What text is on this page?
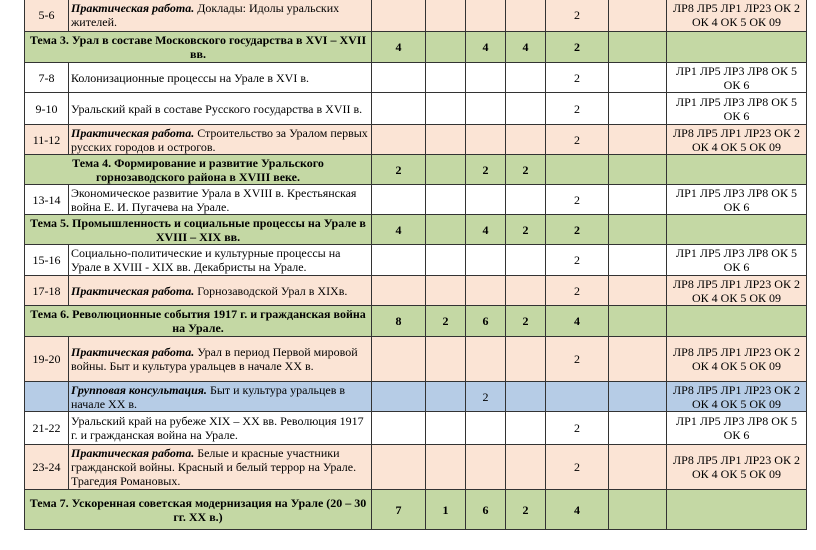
5-6	Практическая работа. Доклады: Идолы уральских жителей.					2		ЛР8 ЛР5 ЛР1 ЛР23 ОК 2 ОК 4 ОК 5 ОК 09
Тема 3. Урал в составе Московского государства в XVI – XVII вв.		4		4	4	2		
7-8	Колонизационные процессы на Урале в XVI в.					2		ЛР1 ЛР5 ЛР3 ЛР8 ОК 5 ОК 6
9-10	Уральский край в составе Русского государства в XVII в.					2		ЛР1 ЛР5 ЛР3 ЛР8 ОК 5 ОК 6
11-12	Практическая работа. Строительство за Уралом первых русских городов и острогов.					2		ЛР8 ЛР5 ЛР1 ЛР23 ОК 2 ОК 4 ОК 5 ОК 09
Тема 4. Формирование и развитие Уральского горнозаводского района в XVIII веке.		2		2	2			
13-14	Экономическое развитие Урала в XVIII в. Крестьянская война Е. И. Пугачева на Урале.					2		ЛР1 ЛР5 ЛР3 ЛР8 ОК 5 ОК 6
Тема 5. Промышленность и социальные процессы на Урале в XVIII – XIX вв.		4		4	2	2		
15-16	Социально-политические и культурные процессы на Урале в XVIII - XIX вв. Декабристы на Урале.					2		ЛР1 ЛР5 ЛР3 ЛР8 ОК 5 ОК 6
17-18	Практическая работа. Горнозаводской Урал в XIXв.					2		ЛР8 ЛР5 ЛР1 ЛР23 ОК 2 ОК 4 ОК 5 ОК 09
Тема 6. Революционные события 1917 г. и гражданская война на Урале.		8	2	6	2	4		
19-20	Практическая работа. Урал в период Первой мировой войны. Быт и культура уральцев в начале XX в.					2		ЛР8 ЛР5 ЛР1 ЛР23 ОК 2 ОК 4 ОК 5 ОК 09
	Групповая консультация. Быт и культура уральцев в начале XX в.			2				ЛР8 ЛР5 ЛР1 ЛР23 ОК 2 ОК 4 ОК 5 ОК 09
21-22	Уральский край на рубеже XIX – XX вв. Революция 1917 г. и гражданская война на Урале.					2		ЛР1 ЛР5 ЛР3 ЛР8 ОК 5 ОК 6
23-24	Практическая работа. Белые и красные участники гражданской войны. Красный и белый террор на Урале. Трагедия Романовых.					2		ЛР8 ЛР5 ЛР1 ЛР23 ОК 2 ОК 4 ОК 5 ОК 09
Тема 7. Ускоренная советская модернизация на Урале (20 – 30 гг. XX в.)		7	1	6	2	4		
